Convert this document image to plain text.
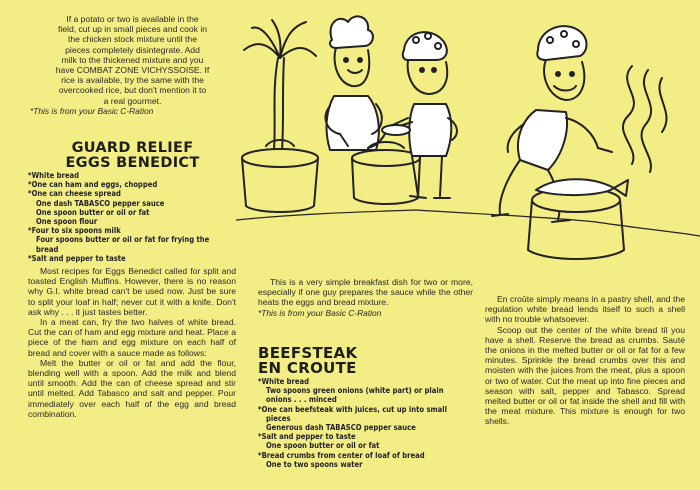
If a potato or two is available in the
field, cut up in small pieces and cook in
the chicken stock mixture until the
pieces completely disintegrate. Add
milk to the thickened mixture and you
have COMBAT ZONE VICHYSSOISE. If
rice is available, try the same with the
overcooked rice, but don't mention it to
a real gourmet.
*This is from your Basic C-Ration
GUARD RELIEF
EGGS BENEDICT
*White bread
*One can ham and eggs, chopped
*One can cheese spread
One dash TABASCO pepper sauce
One spoon butter or oil or fat
One spoon flour
*Four to six spoons milk
Four spoons butter or oil or fat for frying the
bread
*Salt and pepper to taste

Most recipes for Eggs Benedict called for split and toasted English Muffins. However, there is no reason why G.I. white bread can't be used now. Just be sure to split your loaf in half; never cut it with a knife. Don't ask why . . . it just tastes better.

In a meat can, fry the two halves of white bread. Cut the can of ham and egg mixture and heat. Place a piece of the ham and egg mixture on each half of bread and cover with a sauce made as follows:

Melt the butter or oil or fat and add the flour, blending well with a spoon. Add the milk and blend until smooth. Add the can of cheese spread and stir until melted. Add Tabasco and salt and pepper. Pour immediately over each half of the egg and bread combination.

This is a very simple breakfast dish for two or more, especially if one guy prepares the sauce while the other heats the eggs and bread mixture.

*This is from your Basic C-Ration
BEEFSTEAK
EN CROUTE
*White bread
Two spoons green onions (white part) or plain
onions . . . minced
*One can beefsteak with juices, cut up into small
pieces
Generous dash TABASCO pepper sauce
*Salt and pepper to taste
One spoon butter or oil or fat
*Bread crumbs from center of loaf of bread
One to two spoons water

En croûte simply means in a pastry shell, and the regulation white bread lends itself to such a shell with no trouble whatsoever.

Scoop out the center of the white bread til you have a shell. Reserve the bread as crumbs. Sauté the onions in the melted butter or oil or fat for a few minutes. Sprinkle the bread crumbs over this and moisten with the juices from the meat, plus a spoon or two of water. Cut the meat up into fine pieces and season with salt, pepper and Tabasco. Spread melted butter or oil or fat inside the shell and fill with the meat mixture. This mixture is enough for two shells.
